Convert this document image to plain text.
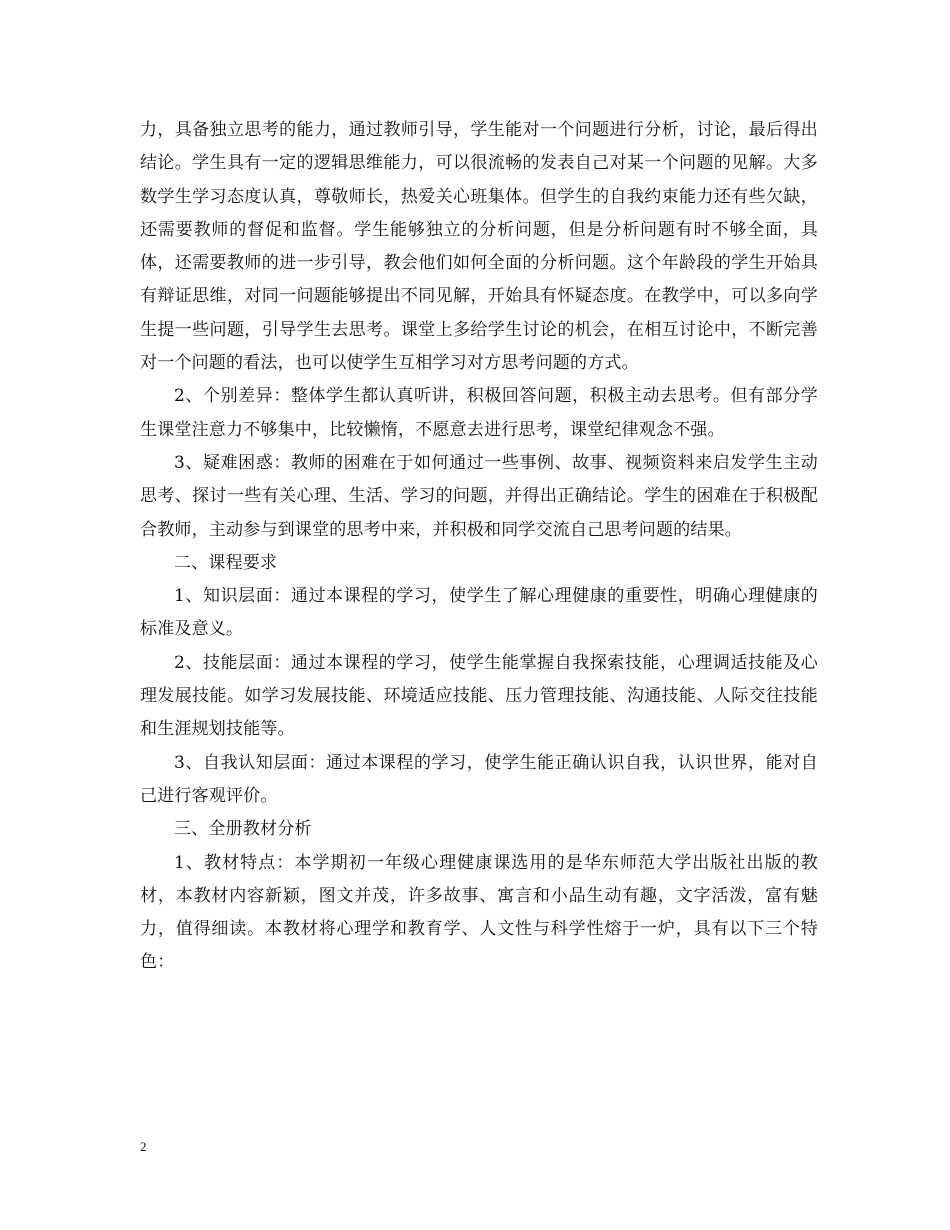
力，具备独立思考的能力，通过教师引导，学生能对一个问题进行分析，讨论，最后得出结论。学生具有一定的逻辑思维能力，可以很流畅的发表自己对某一个问题的见解。大多数学生学习态度认真，尊敬师长，热爱关心班集体。但学生的自我约束能力还有些欠缺，还需要教师的督促和监督。学生能够独立的分析问题，但是分析问题有时不够全面，具体，还需要教师的进一步引导，教会他们如何全面的分析问题。这个年龄段的学生开始具有辩证思维，对同一问题能够提出不同见解，开始具有怀疑态度。在教学中，可以多向学生提一些问题，引导学生去思考。课堂上多给学生讨论的机会，在相互讨论中，不断完善对一个问题的看法，也可以使学生互相学习对方思考问题的方式。

2、个别差异：整体学生都认真听讲，积极回答问题，积极主动去思考。但有部分学生课堂注意力不够集中，比较懒惰，不愿意去进行思考，课堂纪律观念不强。

3、疑难困惑：教师的困难在于如何通过一些事例、故事、视频资料来启发学生主动思考、探讨一些有关心理、生活、学习的问题，并得出正确结论。学生的困难在于积极配合教师，主动参与到课堂的思考中来，并积极和同学交流自己思考问题的结果。

二、课程要求

1、知识层面：通过本课程的学习，使学生了解心理健康的重要性，明确心理健康的标准及意义。

2、技能层面：通过本课程的学习，使学生能掌握自我探索技能，心理调适技能及心理发展技能。如学习发展技能、环境适应技能、压力管理技能、沟通技能、人际交往技能和生涯规划技能等。

3、自我认知层面：通过本课程的学习，使学生能正确认识自我，认识世界，能对自己进行客观评价。

三、全册教材分析

1、教材特点：本学期初一年级心理健康课选用的是华东师范大学出版社出版的教材，本教材内容新颖，图文并茂，许多故事、寓言和小品生动有趣，文字活泼，富有魅力，值得细读。本教材将心理学和教育学、人文性与科学性熔于一炉，具有以下三个特色：

2
